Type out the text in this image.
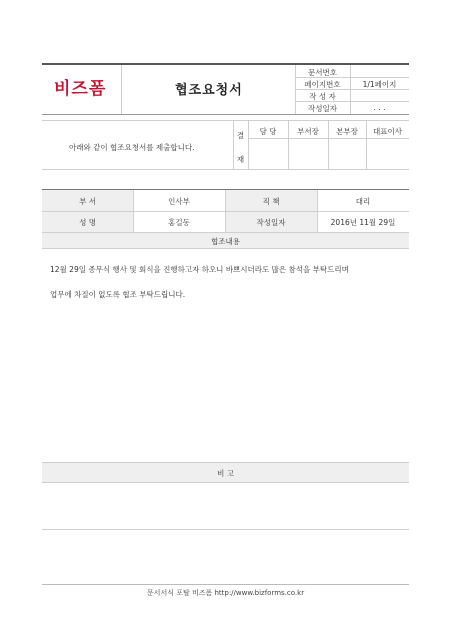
비즈폼	협조요청서
문서번호
페이지번호	1/1페이지
작 성 자
작성일자	. . .
아래와 같이 협조요청서를 제출합니다.
결
재
담 당	부서장	본부장	대표이사
부 서	인사부	직 책	대리
성 명	홍길동	작성일자	2016년 11월 29일
협조내용
12월 29일 종무식 행사 및 회식을 진행하고자 하오니 바쁘시더라도 많은 참석을 부탁드리며
업무에 차질이 없도록 협조 부탁드립니다.
비 고
문서서식 포탈 비즈폼 http://www.bizforms.co.kr
